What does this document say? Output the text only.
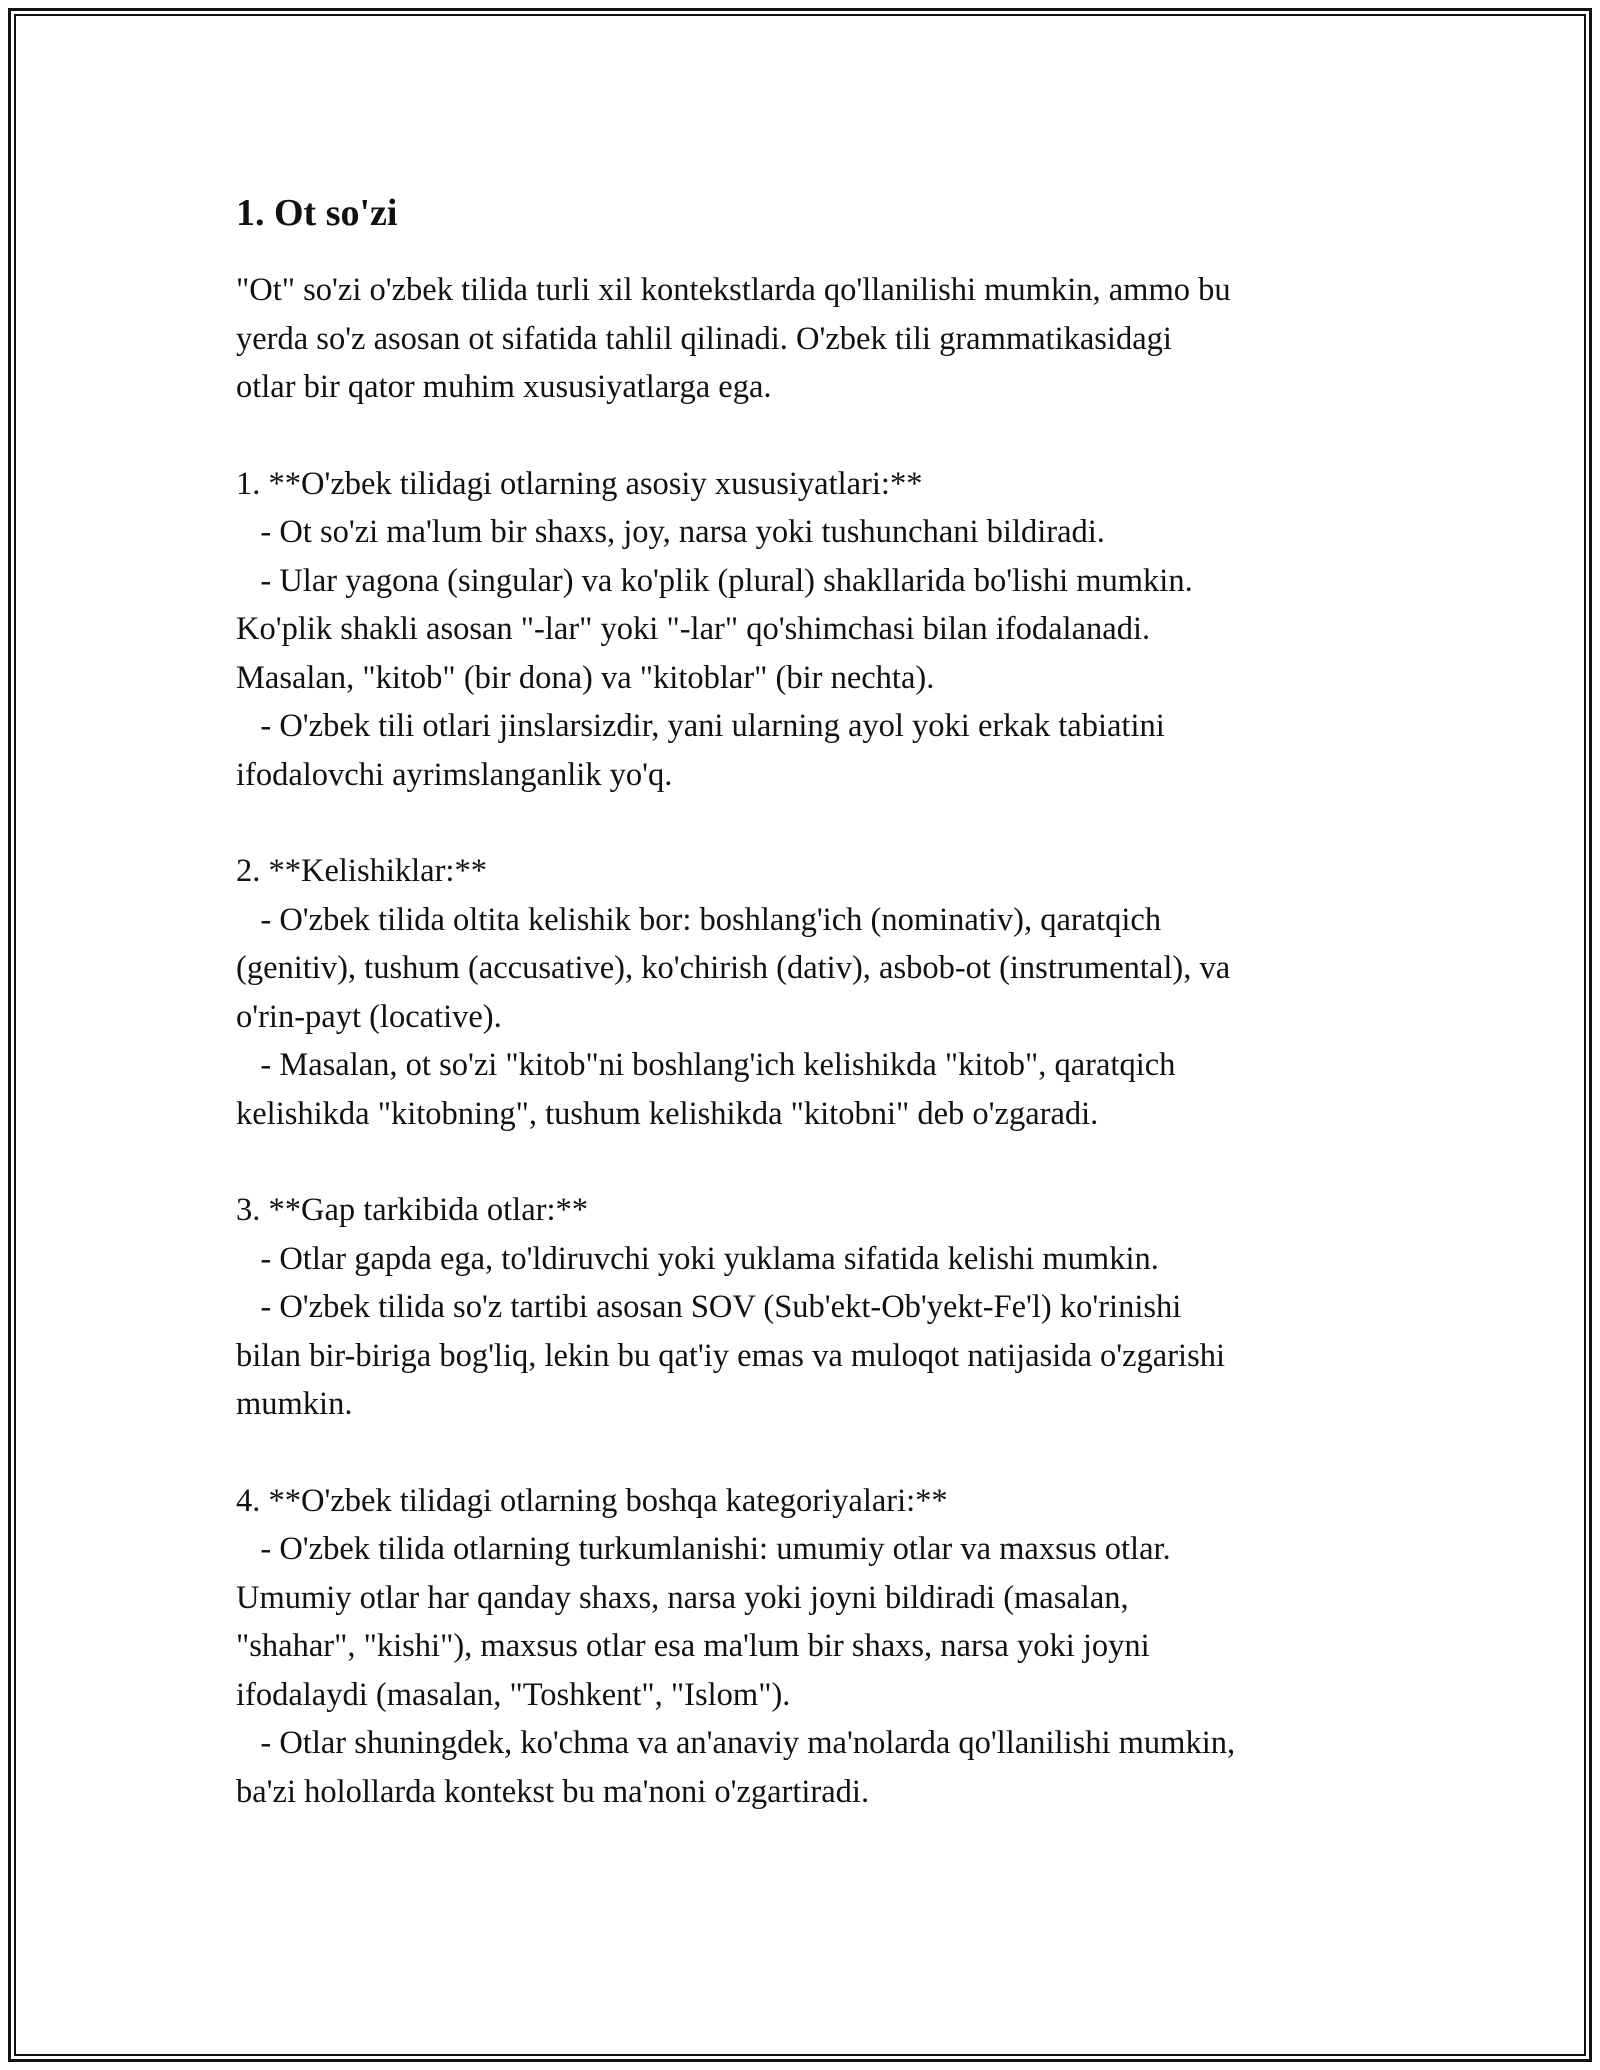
1. Ot so'zi

"Ot" so'zi o'zbek tilida turli xil kontekstlarda qo'llanilishi mumkin, ammo bu
yerda so'z asosan ot sifatida tahlil qilinadi. O'zbek tili grammatikasidagi
otlar bir qator muhim xususiyatlarga ega.

1. **O'zbek tilidagi otlarning asosiy xususiyatlari:**
- Ot so'zi ma'lum bir shaxs, joy, narsa yoki tushunchani bildiradi.
- Ular yagona (singular) va ko'plik (plural) shakllarida bo'lishi mumkin.
Ko'plik shakli asosan "-lar" yoki "-lar" qo'shimchasi bilan ifodalanadi.
Masalan, "kitob" (bir dona) va "kitoblar" (bir nechta).
- O'zbek tili otlari jinslarsizdir, yani ularning ayol yoki erkak tabiatini
ifodalovchi ayrimslanganlik yo'q.

2. **Kelishiklar:**
- O'zbek tilida oltita kelishik bor: boshlang'ich (nominativ), qaratqich
(genitiv), tushum (accusative), ko'chirish (dativ), asbob-ot (instrumental), va
o'rin-payt (locative).
- Masalan, ot so'zi "kitob"ni boshlang'ich kelishikda "kitob", qaratqich
kelishikda "kitobning", tushum kelishikda "kitobni" deb o'zgaradi.

3. **Gap tarkibida otlar:**
- Otlar gapda ega, to'ldiruvchi yoki yuklama sifatida kelishi mumkin.
- O'zbek tilida so'z tartibi asosan SOV (Sub'ekt-Ob'yekt-Fe'l) ko'rinishi
bilan bir-biriga bog'liq, lekin bu qat'iy emas va muloqot natijasida o'zgarishi
mumkin.

4. **O'zbek tilidagi otlarning boshqa kategoriyalari:**
- O'zbek tilida otlarning turkumlanishi: umumiy otlar va maxsus otlar.
Umumiy otlar har qanday shaxs, narsa yoki joyni bildiradi (masalan,
"shahar", "kishi"), maxsus otlar esa ma'lum bir shaxs, narsa yoki joyni
ifodalaydi (masalan, "Toshkent", "Islom").
- Otlar shuningdek, ko'chma va an'anaviy ma'nolarda qo'llanilishi mumkin,
ba'zi holollarda kontekst bu ma'noni o'zgartiradi.
